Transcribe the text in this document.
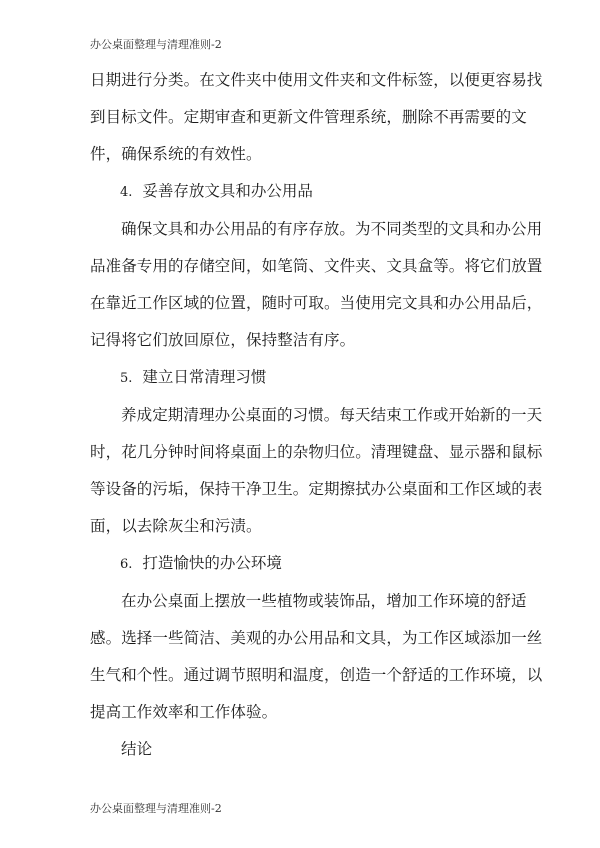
办公桌面整理与清理准则-2

日期进行分类。在文件夹中使用文件夹和文件标签，以便更容易找
到目标文件。定期审查和更新文件管理系统，删除不再需要的文
件，确保系统的有效性。

4. 妥善存放文具和办公用品

确保文具和办公用品的有序存放。为不同类型的文具和办公用
品准备专用的存储空间，如笔筒、文件夹、文具盒等。将它们放置
在靠近工作区域的位置，随时可取。当使用完文具和办公用品后，
记得将它们放回原位，保持整洁有序。

5. 建立日常清理习惯

养成定期清理办公桌面的习惯。每天结束工作或开始新的一天
时，花几分钟时间将桌面上的杂物归位。清理键盘、显示器和鼠标
等设备的污垢，保持干净卫生。定期擦拭办公桌面和工作区域的表
面，以去除灰尘和污渍。

6. 打造愉快的办公环境

在办公桌面上摆放一些植物或装饰品，增加工作环境的舒适
感。选择一些简洁、美观的办公用品和文具，为工作区域添加一丝
生气和个性。通过调节照明和温度，创造一个舒适的工作环境，以
提高工作效率和工作体验。

结论

办公桌面整理与清理准则-2
